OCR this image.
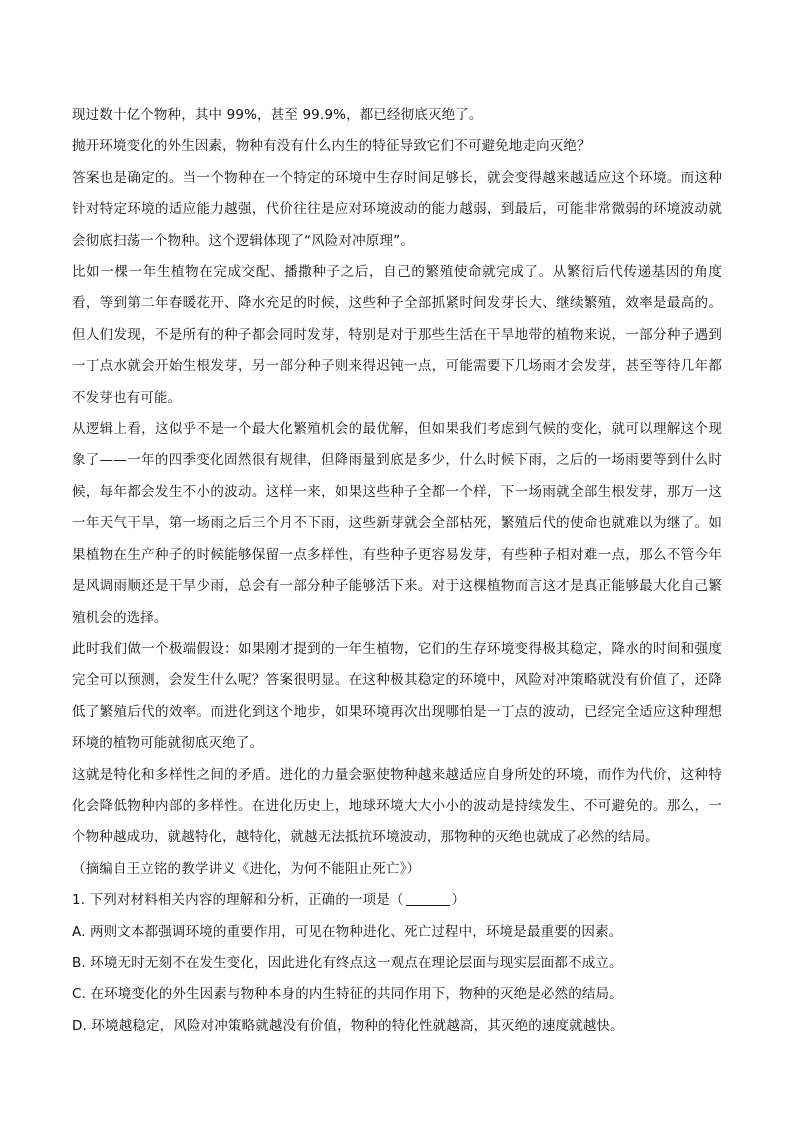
现过数十亿个物种，其中 99%，甚至 99.9%，都已经彻底灭绝了。

抛开环境变化的外生因素，物种有没有什么内生的特征导致它们不可避免地走向灭绝？

答案也是确定的。当一个物种在一个特定的环境中生存时间足够长，就会变得越来越适应这个环境。而这种针对特定环境的适应能力越强，代价往往是应对环境波动的能力越弱，到最后，可能非常微弱的环境波动就会彻底扫荡一个物种。这个逻辑体现了“风险对冲原理”。

比如一棵一年生植物在完成交配、播撒种子之后，自己的繁殖使命就完成了。从繁衍后代传递基因的角度看，等到第二年春暖花开、降水充足的时候，这些种子全部抓紧时间发芽长大、继续繁殖，效率是最高的。但人们发现，不是所有的种子都会同时发芽，特别是对于那些生活在干旱地带的植物来说，一部分种子遇到一丁点水就会开始生根发芽，另一部分种子则来得迟钝一点，可能需要下几场雨才会发芽，甚至等待几年都不发芽也有可能。

从逻辑上看，这似乎不是一个最大化繁殖机会的最优解，但如果我们考虑到气候的变化，就可以理解这个现象了——一年的四季变化固然很有规律，但降雨量到底是多少，什么时候下雨，之后的一场雨要等到什么时候，每年都会发生不小的波动。这样一来，如果这些种子全都一个样，下一场雨就全部生根发芽，那万一这一年天气干旱，第一场雨之后三个月不下雨，这些新芽就会全部枯死，繁殖后代的使命也就难以为继了。如果植物在生产种子的时候能够保留一点多样性，有些种子更容易发芽，有些种子相对难一点，那么不管今年是风调雨顺还是干旱少雨，总会有一部分种子能够活下来。对于这棵植物而言这才是真正能够最大化自己繁殖机会的选择。

此时我们做一个极端假设：如果刚才提到的一年生植物，它们的生存环境变得极其稳定，降水的时间和强度完全可以预测，会发生什么呢？答案很明显。在这种极其稳定的环境中，风险对冲策略就没有价值了，还降低了繁殖后代的效率。而进化到这个地步，如果环境再次出现哪怕是一丁点的波动，已经完全适应这种理想环境的植物可能就彻底灭绝了。

这就是特化和多样性之间的矛盾。进化的力量会驱使物种越来越适应自身所处的环境，而作为代价，这种特化会降低物种内部的多样性。在进化历史上，地球环境大大小小的波动是持续发生、不可避免的。那么，一个物种越成功，就越特化，越特化，就越无法抵抗环境波动，那物种的灭绝也就成了必然的结局。

（摘编自王立铭的教学讲义《进化，为何不能阻止死亡》）

1. 下列对材料相关内容的理解和分析，正确的一项是（	）

A. 两则文本都强调环境的重要作用，可见在物种进化、死亡过程中，环境是最重要的因素。

B. 环境无时无刻不在发生变化，因此进化有终点这一观点在理论层面与现实层面都不成立。

C. 在环境变化的外生因素与物种本身的内生特征的共同作用下，物种的灭绝是必然的结局。

D. 环境越稳定，风险对冲策略就越没有价值，物种的特化性就越高，其灭绝的速度就越快。
